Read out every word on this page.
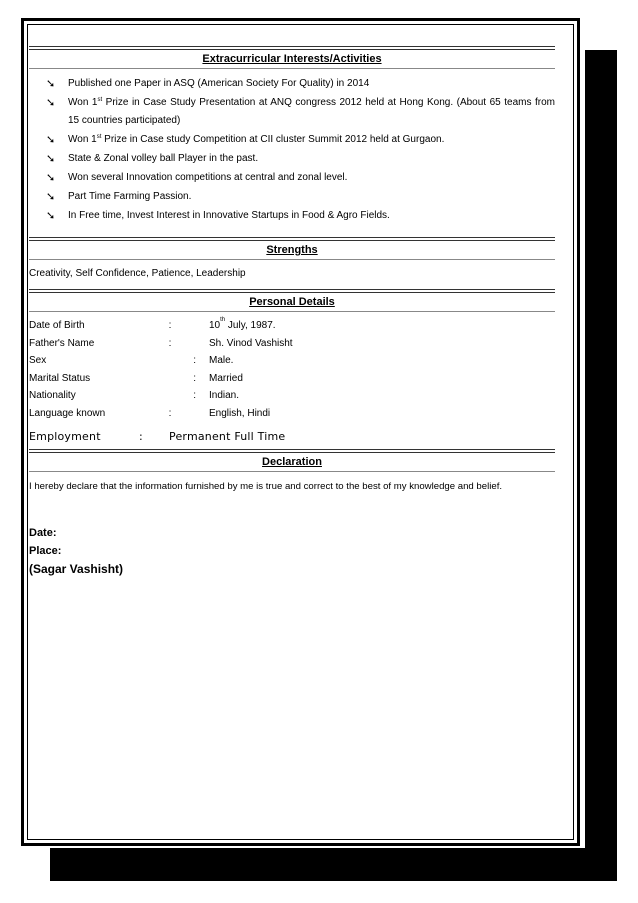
Extracurricular Interests/Activities
➘ Published one Paper in ASQ (American Society For Quality) in 2014
➘ Won 1st Prize in Case Study Presentation at ANQ congress 2012 held at Hong Kong. (About 65 teams from 15 countries participated)
➘ Won 1st Prize in Case study Competition at CII cluster Summit 2012 held at Gurgaon.
➘ State & Zonal volley ball Player in the past.
➘ Won several Innovation competitions at central and zonal level.
➘ Part Time Farming Passion.
➘ In Free time, Invest Interest in Innovative Startups in Food & Agro Fields.
Strengths
Creativity, Self Confidence, Patience, Leadership
Personal Details
Date of Birth	:	10th July, 1987.
Father's Name	:	Sh. Vinod Vashisht
Sex	:	Male.
Marital Status	:	Married
Nationality	:	Indian.
Language known	:	English, Hindi
Employment	:	Permanent Full Time
Declaration
I hereby declare that the information furnished by me is true and correct to the best of my knowledge and belief.
Date:
Place:
(Sagar Vashisht)
